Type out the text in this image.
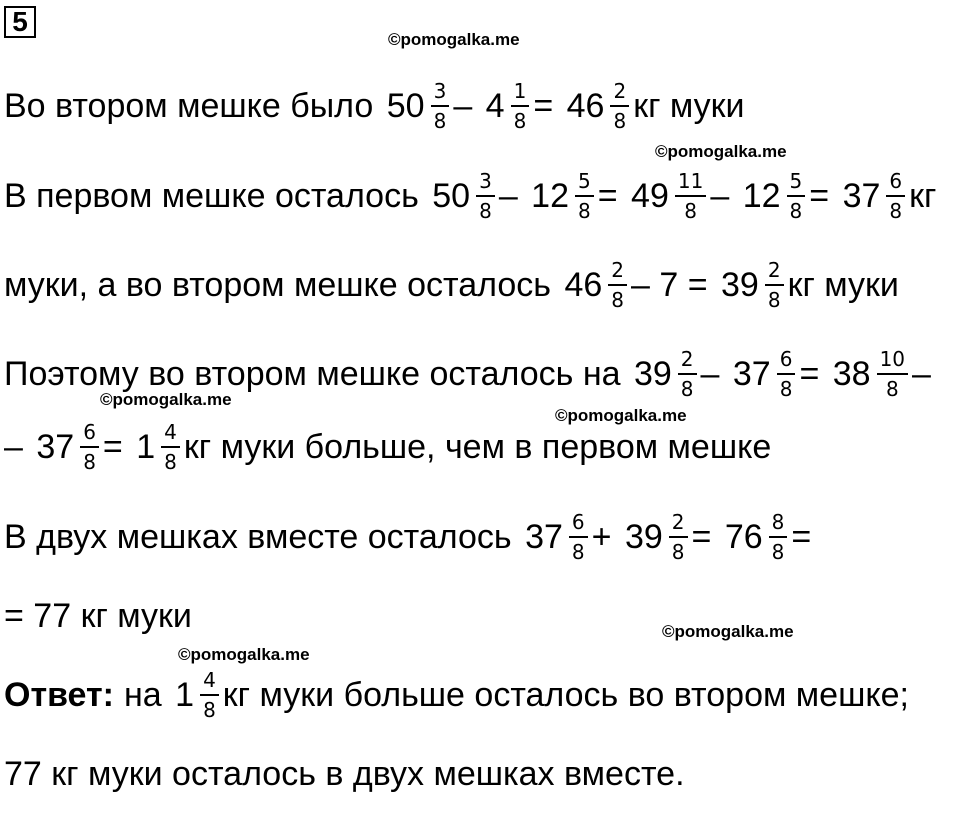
5
©pomogalka.me
©pomogalka.me
©pomogalka.me
©pomogalka.me
©pomogalka.me
©pomogalka.me
Во втором мешке было $50 \frac{3}{8} - 4 \frac{1}{8} = 46 \frac{2}{8}$ кг муки
В первом мешке осталось $50 \frac{3}{8} - 12 \frac{5}{8} = 49 \frac{11}{8} - 12 \frac{5}{8} = 37 \frac{6}{8}$ кг
муки, а во втором мешке осталось $46 \frac{2}{8} - 7 = 39 \frac{2}{8}$ кг муки
Поэтому во втором мешке осталось на $39 \frac{2}{8} - 37 \frac{6}{8} = 38 \frac{10}{8}$ –
– $37 \frac{6}{8} = 1 \frac{4}{8}$ кг муки больше, чем в первом мешке
В двух мешках вместе осталось $37 \frac{6}{8} + 39 \frac{2}{8} = 76 \frac{8}{8}$ =
= 77 кг муки
Ответ: на $1 \frac{4}{8}$ кг муки больше осталось во втором мешке;
77 кг муки осталось в двух мешках вместе.
